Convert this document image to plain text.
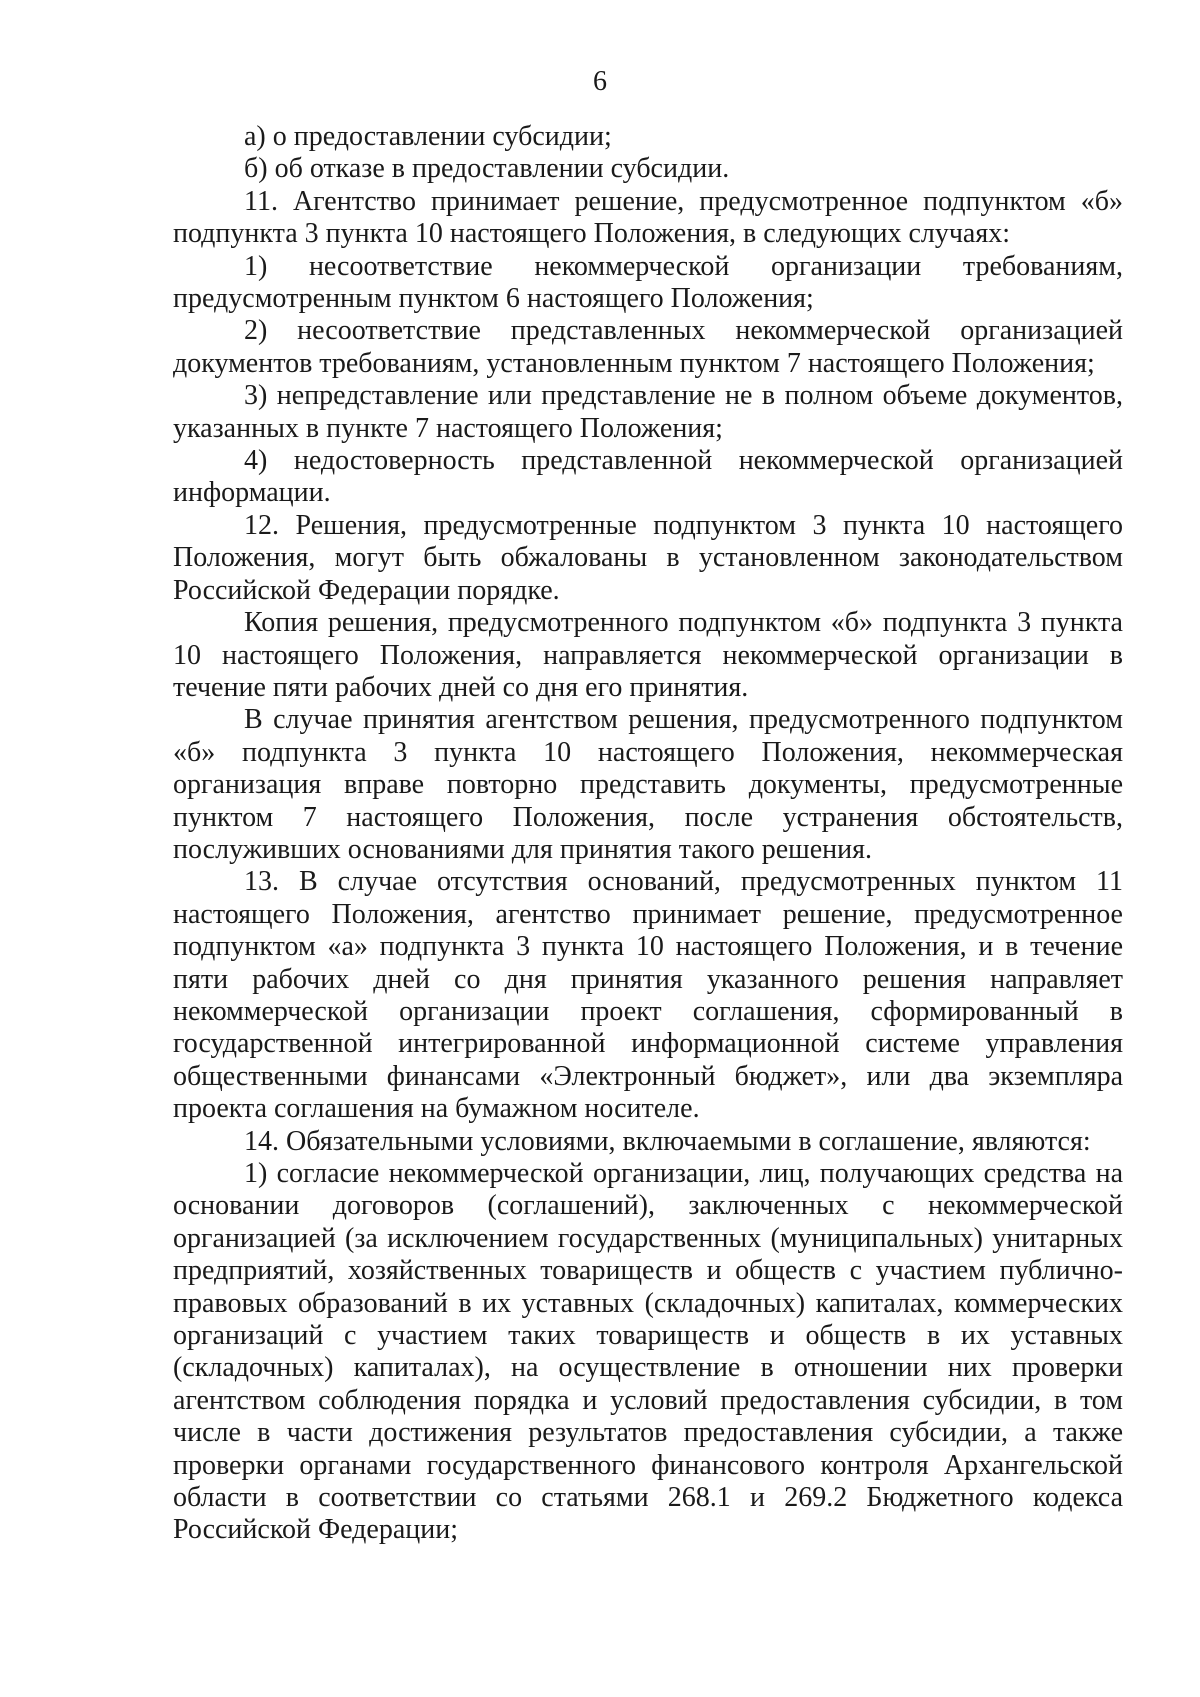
6

а) о предоставлении субсидии;

б) об отказе в предоставлении субсидии.

11. Агентство принимает решение, предусмотренное подпунктом «б» подпункта 3 пункта 10 настоящего Положения, в следующих случаях:

1) несоответствие некоммерческой организации требованиям, предусмотренным пунктом 6 настоящего Положения;

2) несоответствие представленных некоммерческой организацией документов требованиям, установленным пунктом 7 настоящего Положения;

3) непредставление или представление не в полном объеме документов, указанных в пункте 7 настоящего Положения;

4) недостоверность представленной некоммерческой организацией информации.

12. Решения, предусмотренные подпунктом 3 пункта 10 настоящего Положения, могут быть обжалованы в установленном законодательством Российской Федерации порядке.

Копия решения, предусмотренного подпунктом «б» подпункта 3 пункта 10 настоящего Положения, направляется некоммерческой организации в течение пяти рабочих дней со дня его принятия.

В случае принятия агентством решения, предусмотренного подпунктом «б» подпункта 3 пункта 10 настоящего Положения, некоммерческая организация вправе повторно представить документы, предусмотренные пунктом 7 настоящего Положения, после устранения обстоятельств, послуживших основаниями для принятия такого решения.

13. В случае отсутствия оснований, предусмотренных пунктом 11 настоящего Положения, агентство принимает решение, предусмотренное подпунктом «а» подпункта 3 пункта 10 настоящего Положения, и в течение пяти рабочих дней со дня принятия указанного решения направляет некоммерческой организации проект соглашения, сформированный в государственной интегрированной информационной системе управления общественными финансами «Электронный бюджет», или два экземпляра проекта соглашения на бумажном носителе.

14. Обязательными условиями, включаемыми в соглашение, являются:

1) согласие некоммерческой организации, лиц, получающих средства на основании договоров (соглашений), заключенных с некоммерческой организацией (за исключением государственных (муниципальных) унитарных предприятий, хозяйственных товариществ и обществ с участием публично-правовых образований в их уставных (складочных) капиталах, коммерческих организаций с участием таких товариществ и обществ в их уставных (складочных) капиталах), на осуществление в отношении них проверки агентством соблюдения порядка и условий предоставления субсидии, в том числе в части достижения результатов предоставления субсидии, а также проверки органами государственного финансового контроля Архангельской области в соответствии со статьями 268.1 и 269.2 Бюджетного кодекса Российской Федерации;
